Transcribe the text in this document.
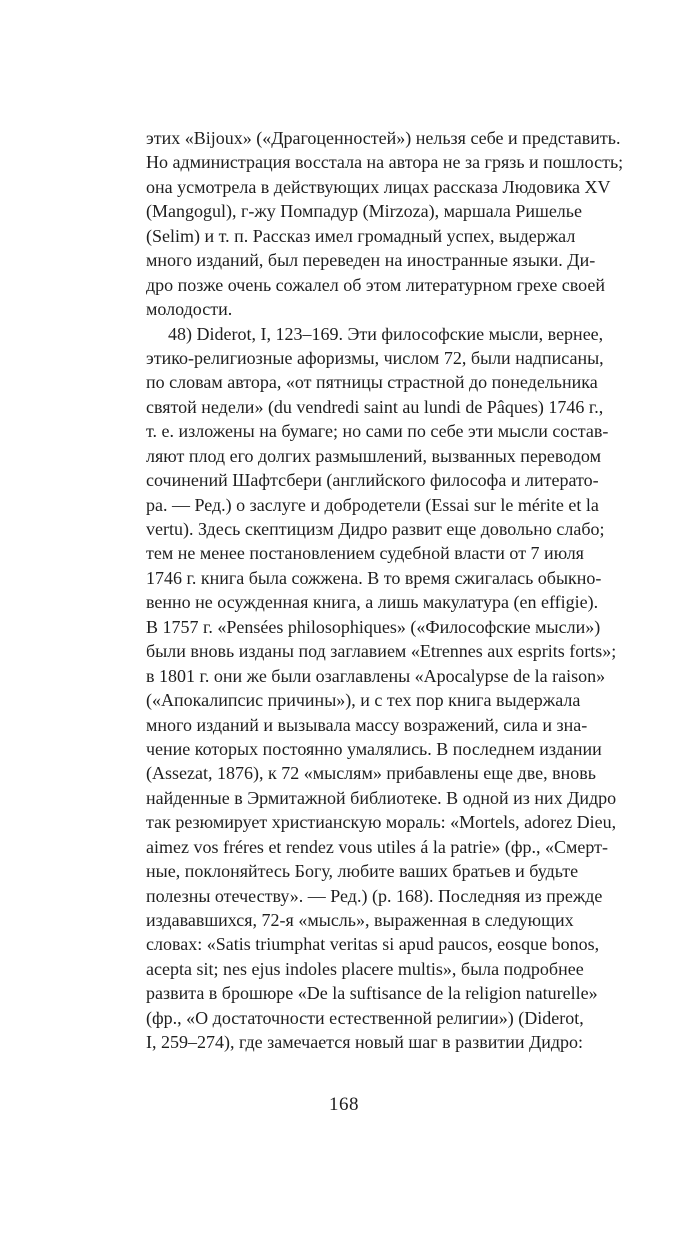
этих «Bijoux» («Драгоценностей») нельзя себе и представить.
Но администрация восстала на автора не за грязь и пошлость;
она усмотрела в действующих лицах рассказа Людовика XV
(Mangogul), г-жу Помпадур (Mirzoza), маршала Ришелье
(Selim) и т. п. Рассказ имел громадный успех, выдержал
много изданий, был переведен на иностранные языки. Ди-
дро позже очень сожалел об этом литературном грехе своей
молодости.
48) Diderot, I, 123–169. Эти философские мысли, вернее,
этико-религиозные афоризмы, числом 72, были надписаны,
по словам автора, «от пятницы страстной до понедельника
святой недели» (du vendredi saint au lundi de Pâques) 1746 г.,
т. е. изложены на бумаге; но сами по себе эти мысли состав-
ляют плод его долгих размышлений, вызванных переводом
сочинений Шафтсбери (английского философа и литерато-
ра. — Ред.) о заслуге и добродетели (Essai sur le mérite et la
vertu). Здесь скептицизм Дидро развит еще довольно слабо;
тем не менее постановлением судебной власти от 7 июля
1746 г. книга была сожжена. В то время сжигалась обыкно-
венно не осужденная книга, а лишь макулатура (en effigie).
В 1757 г. «Pensées philosophiques» («Философские мысли»)
были вновь изданы под заглавием «Etrennes aux esprits forts»;
в 1801 г. они же были озаглавлены «Apocalypse de la raison»
(«Апокалипсис причины»), и с тех пор книга выдержала
много изданий и вызывала массу возражений, сила и зна-
чение которых постоянно умалялись. В последнем издании
(Assezat, 1876), к 72 «мыслям» прибавлены еще две, вновь
найденные в Эрмитажной библиотеке. В одной из них Дидро
так резюмирует христианскую мораль: «Mortels, adorez Dieu,
aimez vos fréres et rendez vous utiles á la patrie» (фр., «Смерт-
ные, поклоняйтесь Богу, любите ваших братьев и будьте
полезны отечеству». — Ред.) (р. 168). Последняя из прежде
издававшихся, 72-я «мысль», выраженная в следующих
словах: «Satis triumphat veritas si apud paucos, eosque bonos,
acepta sit; nes ejus indoles placere multis», была подробнее
развита в брошюре «De la suftisance de la religion naturelle»
(фр., «О достаточности естественной религии») (Diderot,
I, 259–274), где замечается новый шаг в развитии Дидро:
168
